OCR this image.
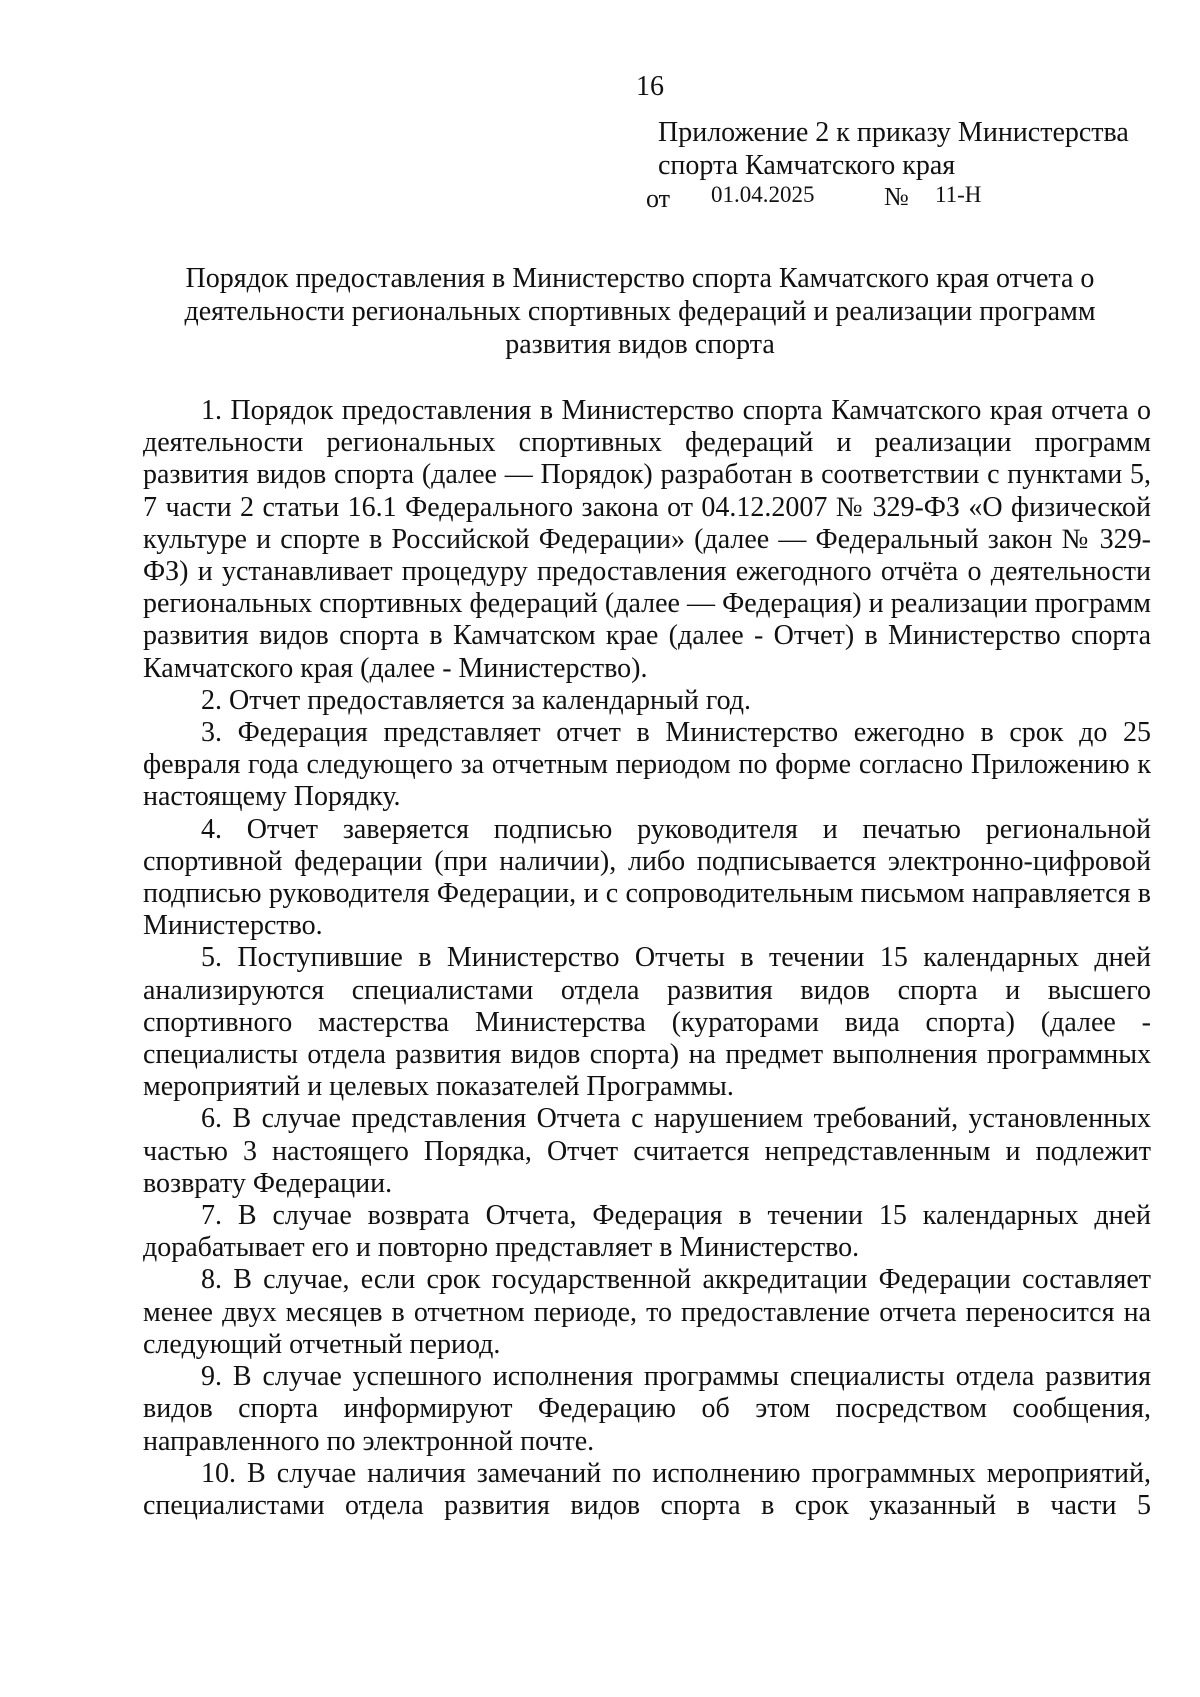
16
Приложение 2 к приказу Министерства
спорта Камчатского края
от 01.04.2025	№ 11-Н
Порядок предоставления в Министерство спорта Камчатского края отчета о
деятельности региональных спортивных федераций и реализации программ
развития видов спорта

1. Порядок предоставления в Министерство спорта Камчатского края отчета о деятельности региональных спортивных федераций и реализации программ развития видов спорта (далее — Порядок) разработан в соответствии с пунктами 5, 7 части 2 статьи 16.1 Федерального закона от 04.12.2007 № 329-ФЗ «О физической культуре и спорте в Российской Федерации» (далее — Федеральный закон № 329-ФЗ) и устанавливает процедуру предоставления ежегодного отчёта о деятельности региональных спортивных федераций (далее — Федерация) и реализации программ развития видов спорта в Камчатском крае (далее - Отчет) в Министерство спорта Камчатского края (далее - Министерство).

2. Отчет предоставляется за календарный год.

3. Федерация представляет отчет в Министерство ежегодно в срок до 25 февраля года следующего за отчетным периодом по форме согласно Приложению к настоящему Порядку.

4. Отчет заверяется подписью руководителя и печатью региональной спортивной федерации (при наличии), либо подписывается электронно-цифровой подписью руководителя Федерации, и с сопроводительным письмом направляется в Министерство.

5. Поступившие в Министерство Отчеты в течении 15 календарных дней анализируются специалистами отдела развития видов спорта и высшего спортивного мастерства Министерства (кураторами вида спорта) (далее - специалисты отдела развития видов спорта) на предмет выполнения программных мероприятий и целевых показателей Программы.

6. В случае представления Отчета с нарушением требований, установленных частью 3 настоящего Порядка, Отчет считается непредставленным и подлежит возврату Федерации.

7. В случае возврата Отчета, Федерация в течении 15 календарных дней дорабатывает его и повторно представляет в Министерство.

8. В случае, если срок государственной аккредитации Федерации составляет менее двух месяцев в отчетном периоде, то предоставление отчета переносится на следующий отчетный период.

9. В случае успешного исполнения программы специалисты отдела развития видов спорта информируют Федерацию об этом посредством сообщения, направленного по электронной почте.

10. В случае наличия замечаний по исполнению программных мероприятий, специалистами отдела развития видов спорта в срок указанный в части 5
